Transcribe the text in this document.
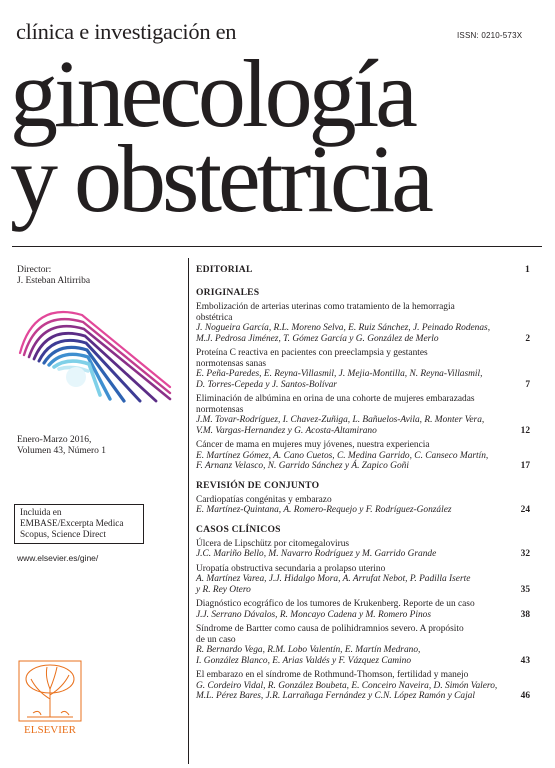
ISSN: 0210-573X
clínica e investigación en
ginecología
y obstetricia
Director:
J. Esteban Altirriba
Enero-Marzo 2016,
Volumen 43, Número 1
Incluida en
EMBASE/Excerpta Medica
Scopus, Science Direct
www.elsevier.es/gine/
ELSEVIER
EDITORIAL	1
ORIGINALES
Embolización de arterias uterinas como tratamiento de la hemorragia
obstétrica
J. Nogueira García, R.L. Moreno Selva, E. Ruiz Sánchez, J. Peinado Rodenas,
M.J. Pedrosa Jiménez, T. Gómez García y G. González de Merlo	2
Proteína C reactiva en pacientes con preeclampsia y gestantes
normotensas sanas
E. Peña-Paredes, E. Reyna-Villasmil, J. Mejia-Montilla, N. Reyna-Villasmil,
D. Torres-Cepeda y J. Santos-Bolívar	7
Eliminación de albúmina en orina de una cohorte de mujeres embarazadas
normotensas
J.M. Tovar-Rodríguez, I. Chavez-Zuñiga, L. Bañuelos-Avila, R. Monter Vera,
V.M. Vargas-Hernandez y G. Acosta-Altamirano	12
Cáncer de mama en mujeres muy jóvenes, nuestra experiencia
E. Martínez Gómez, A. Cano Cuetos, C. Medina Garrido, C. Canseco Martín,
F. Arnanz Velasco, N. Garrido Sánchez y Á. Zapico Goñi	17
REVISIÓN DE CONJUNTO
Cardiopatías congénitas y embarazo
E. Martínez-Quintana, A. Romero-Requejo y F. Rodríguez-González	24
CASOS CLÍNICOS
Úlcera de Lipschütz por citomegalovirus
J.C. Mariño Bello, M. Navarro Rodríguez y M. Garrido Grande	32
Uropatía obstructiva secundaria a prolapso uterino
A. Martínez Varea, J.J. Hidalgo Mora, A. Arrufat Nebot, P. Padilla Iserte
y R. Rey Otero	35
Diagnóstico ecográfico de los tumores de Krukenberg. Reporte de un caso
J.J. Serrano Dávalos, R. Moncayo Cadena y M. Romero Pinos	38
Síndrome de Bartter como causa de polihidramnios severo. A propósito
de un caso
R. Bernardo Vega, R.M. Lobo Valentín, E. Martín Medrano,
I. González Blanco, E. Arias Valdés y F. Vázquez Camino	43
El embarazo en el síndrome de Rothmund-Thomson, fertilidad y manejo
G. Cordeiro Vidal, R. González Boubeta, E. Conceiro Naveira, D. Simón Valero,
M.L. Pérez Bares, J.R. Larrañaga Fernández y C.N. López Ramón y Cajal	46
